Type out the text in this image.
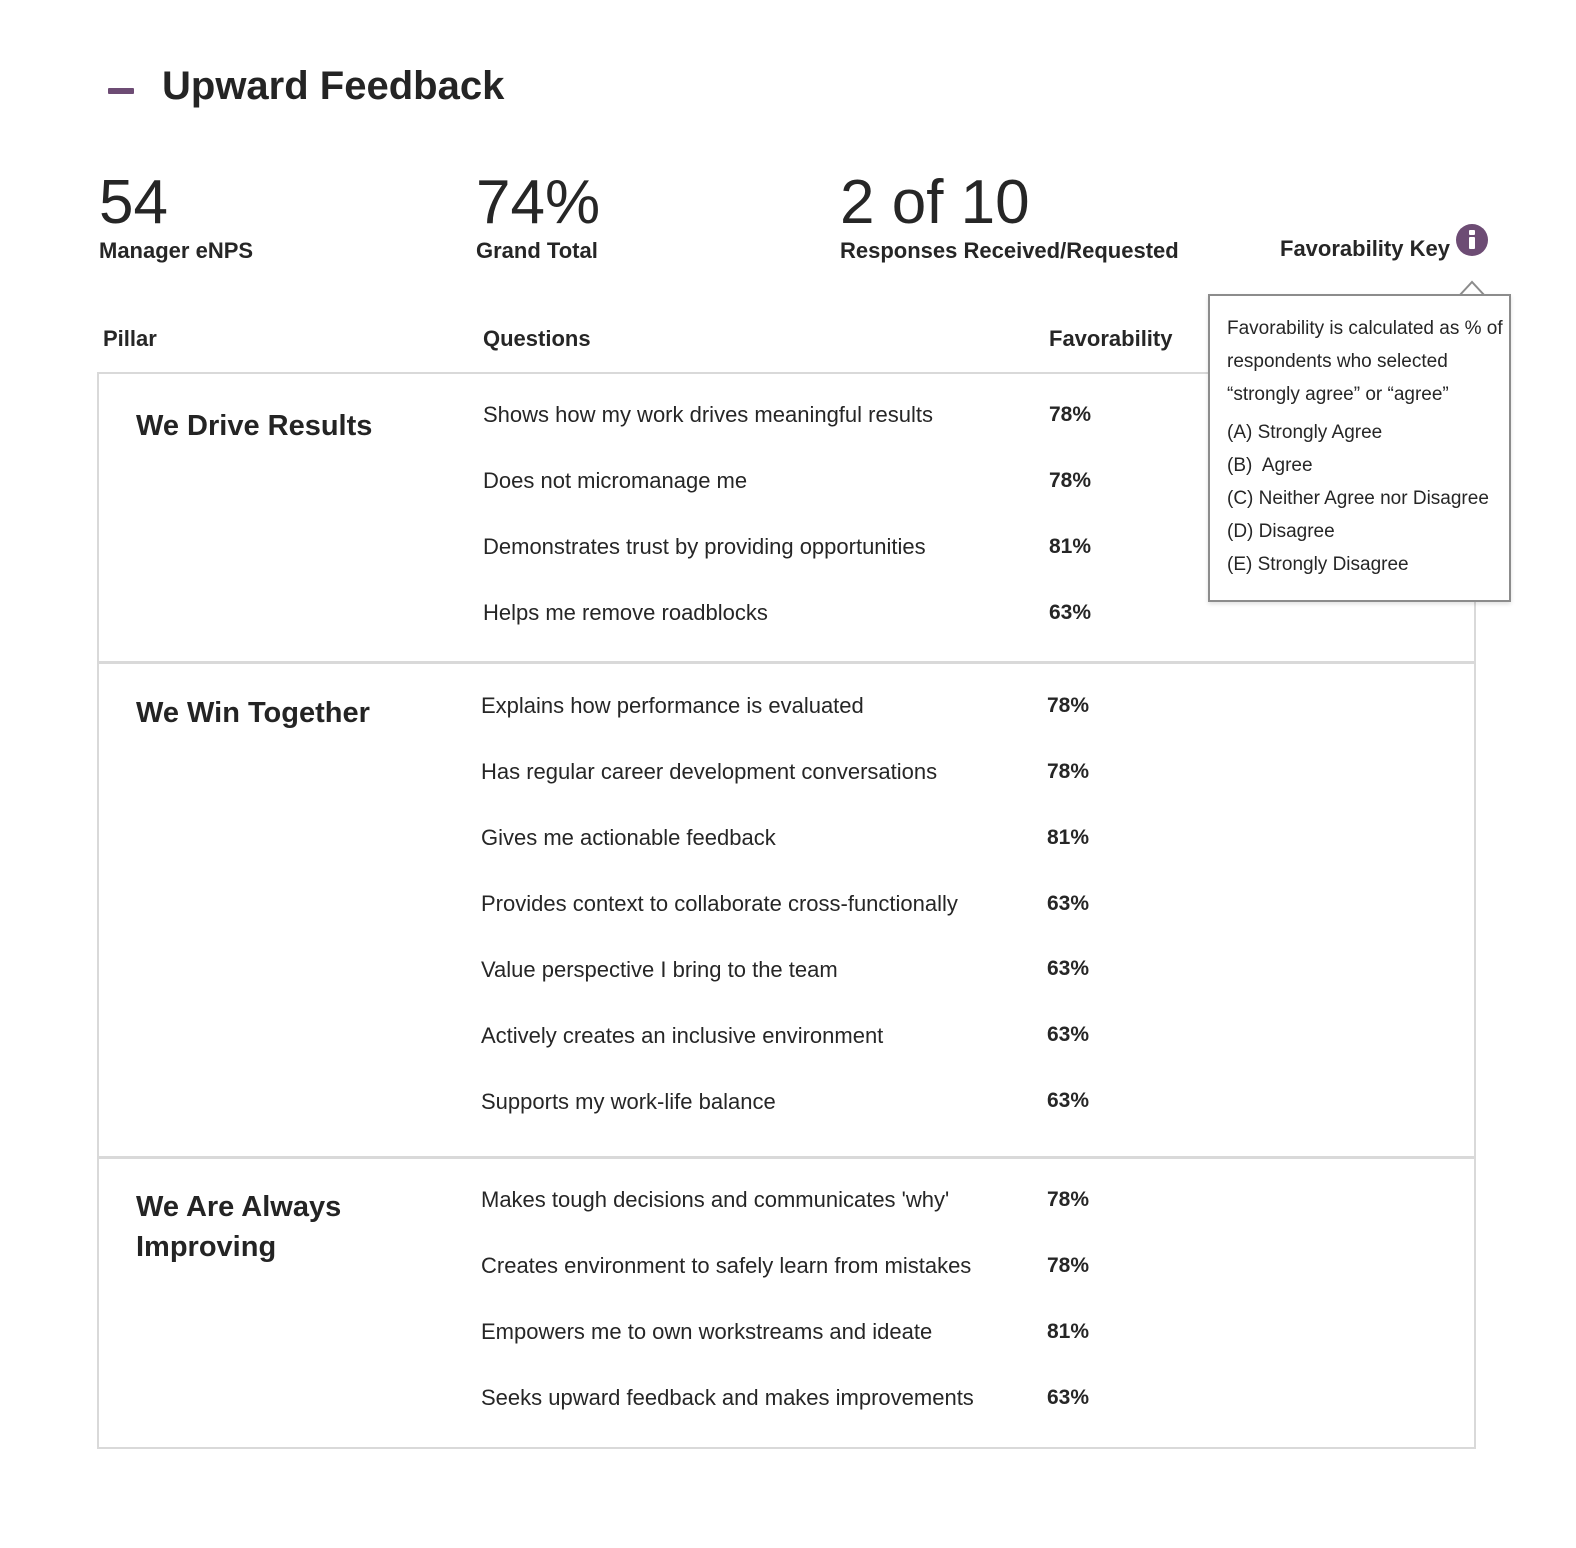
Upward Feedback
54
Manager eNPS
74%
Grand Total
2 of 10
Responses Received/Requested	Favorability Key
Pillar	Questions	Favorability
We Drive Results	Shows how my work drives meaningful results	78%
Does not micromanage me	78%
Demonstrates trust by providing opportunities	81%
Helps me remove roadblocks	63%
We Win Together	Explains how performance is evaluated	78%
Has regular career development conversations	78%
Gives me actionable feedback	81%
Provides context to collaborate cross-functionally	63%
Value perspective I bring to the team	63%
Actively creates an inclusive environment	63%
Supports my work-life balance	63%
We Are Always Improving
Makes tough decisions and communicates 'why'	78%
Creates environment to safely learn from mistakes	78%
Empowers me to own workstreams and ideate	81%
Seeks upward feedback and makes improvements	63%
Favorability is calculated as % of respondents who selected “strongly agree” or “agree”
(A) Strongly Agree
(B)  Agree
(C) Neither Agree nor Disagree
(D) Disagree
(E) Strongly Disagree
